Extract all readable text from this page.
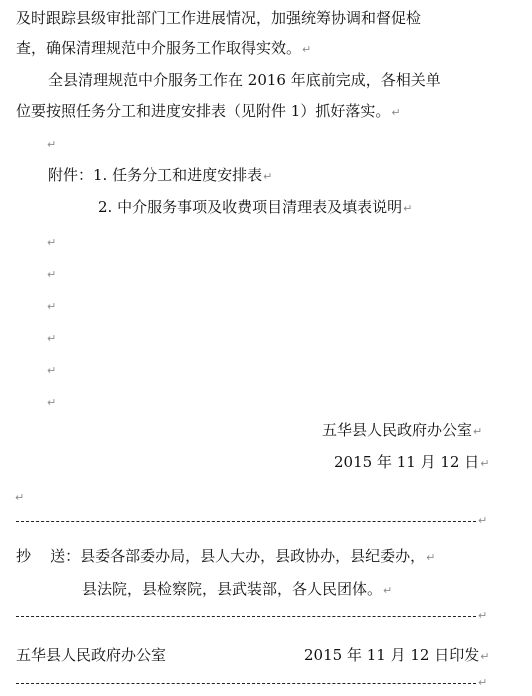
及时跟踪县级审批部门工作进展情况，加强统筹协调和督促检
查，确保清理规范中介服务工作取得实效。↵
全县清理规范中介服务工作在 2016 年底前完成，各相关单
位要按照任务分工和进度安排表（见附件 1）抓好落实。↵
↵
附件：1. 任务分工和进度安排表↵
2. 中介服务事项及收费项目清理表及填表说明↵
↵
↵
↵
↵
↵
↵
五华县人民政府办公室↵
2015 年 11 月 12 日↵
↵
↵
抄    送：县委各部委办局，县人大办，县政协办，县纪委办，↵
县法院，县检察院，县武装部，各人民团体。↵
↵
五华县人民政府办公室	2015 年 11 月 12 日印发↵
↵
